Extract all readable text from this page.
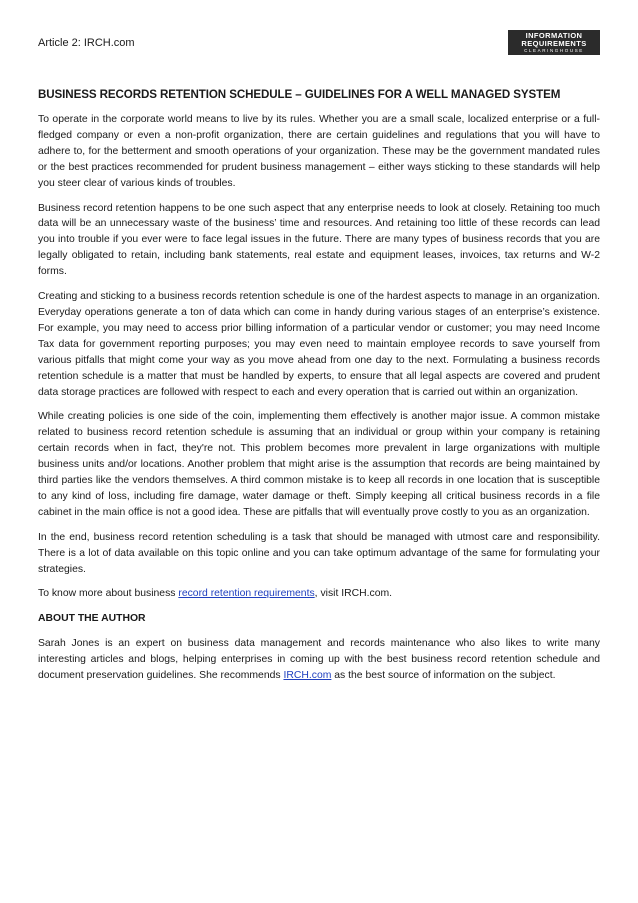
Article 2: IRCH.com
INFORMATION
REQUIREMENTS
CLEARINGHOUSE
BUSINESS RECORDS RETENTION SCHEDULE – GUIDELINES FOR A WELL MANAGED SYSTEM

To operate in the corporate world means to live by its rules. Whether you are a small scale, localized enterprise or a full-fledged company or even a non-profit organization, there are certain guidelines and regulations that you will have to adhere to, for the betterment and smooth operations of your organization. These may be the government mandated rules or the best practices recommended for prudent business management – either ways sticking to these standards will help you steer clear of various kinds of troubles.

Business record retention happens to be one such aspect that any enterprise needs to look at closely. Retaining too much data will be an unnecessary waste of the business’ time and resources. And retaining too little of these records can lead you into trouble if you ever were to face legal issues in the future. There are many types of business records that you are legally obligated to retain, including bank statements, real estate and equipment leases, invoices, tax returns and W-2 forms.

Creating and sticking to a business records retention schedule is one of the hardest aspects to manage in an organization. Everyday operations generate a ton of data which can come in handy during various stages of an enterprise’s existence. For example, you may need to access prior billing information of a particular vendor or customer; you may need Income Tax data for government reporting purposes; you may even need to maintain employee records to save yourself from various pitfalls that might come your way as you move ahead from one day to the next. Formulating a business records retention schedule is a matter that must be handled by experts, to ensure that all legal aspects are covered and prudent data storage practices are followed with respect to each and every operation that is carried out within an organization.

While creating policies is one side of the coin, implementing them effectively is another major issue. A common mistake related to business record retention schedule is assuming that an individual or group within your company is retaining certain records when in fact, they're not. This problem becomes more prevalent in large organizations with multiple business units and/or locations. Another problem that might arise is the assumption that records are being maintained by third parties like the vendors themselves. A third common mistake is to keep all records in one location that is susceptible to any kind of loss, including fire damage, water damage or theft. Simply keeping all critical business records in a file cabinet in the main office is not a good idea. These are pitfalls that will eventually prove costly to you as an organization.

In the end, business record retention scheduling is a task that should be managed with utmost care and responsibility. There is a lot of data available on this topic online and you can take optimum advantage of the same for formulating your strategies.

To know more about business record retention requirements, visit IRCH.com.

ABOUT THE AUTHOR

Sarah Jones is an expert on business data management and records maintenance who also likes to write many interesting articles and blogs, helping enterprises in coming up with the best business record retention schedule and document preservation guidelines. She recommends IRCH.com as the best source of information on the subject.
